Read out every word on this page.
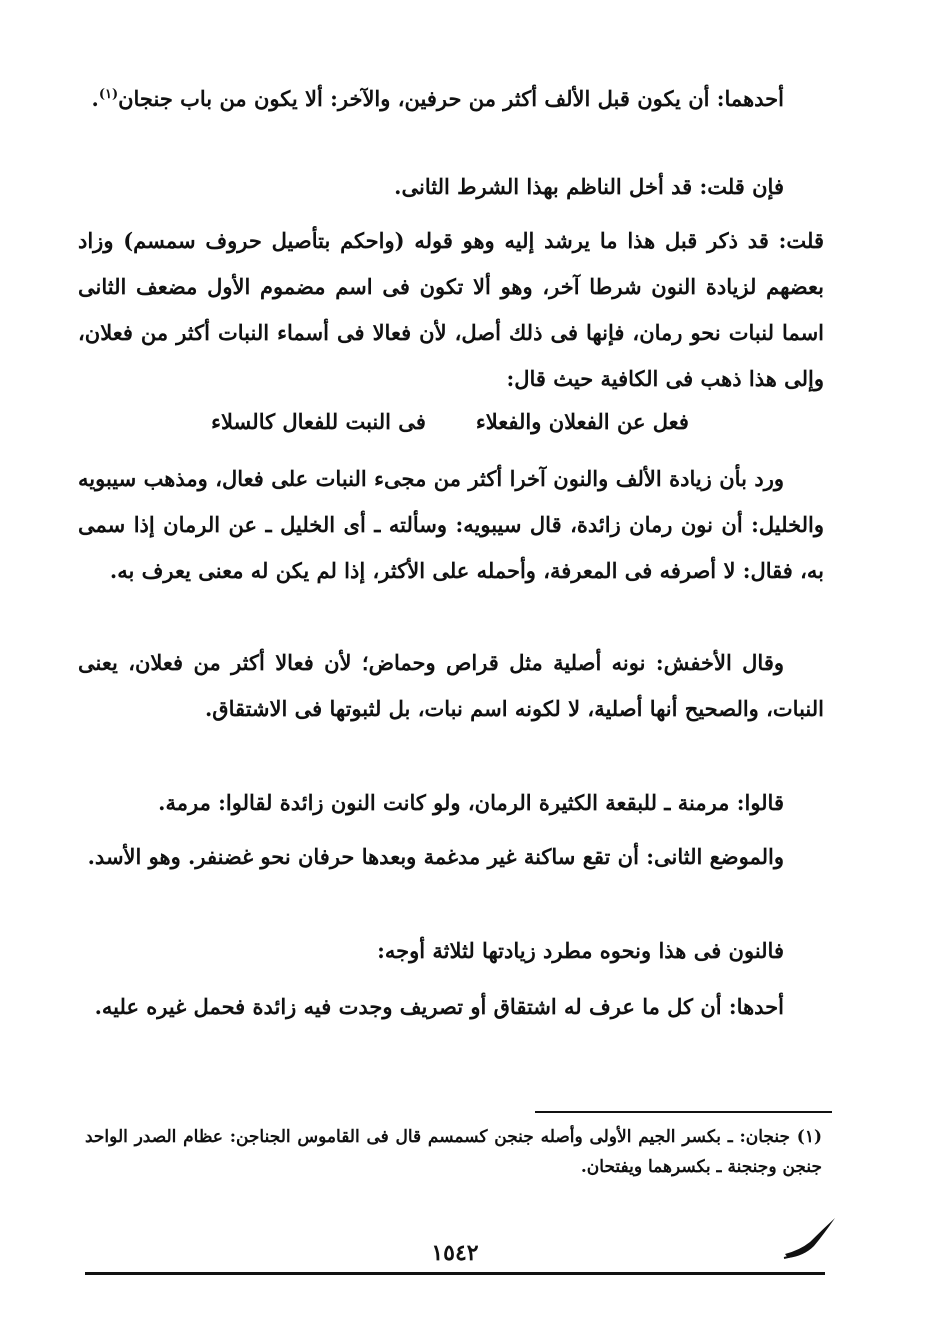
أحدهما: أن يكون قبل الألف أكثر من حرفين، والآخر: ألا يكون من باب جنجان$^{(١)}$.
فإن قلت: قد أخل الناظم بهذا الشرط الثانى.
قلت: قد ذكر قبل هذا ما يرشد إليه وهو قوله (واحكم بتأصيل حروف سمسم) وزاد بعضهم لزيادة النون شرطا آخر، وهو ألا تكون فى اسم مضموم الأول مضعف الثانى اسما لنبات نحو رمان، فإنها فى ذلك أصل، لأن فعالا فى أسماء النبات أكثر من فعلان، وإلى هذا ذهب فى الكافية حيث قال:
فعل عن الفعلان والفعلاء
فى النبت للفعال كالسلاء
ورد بأن زيادة الألف والنون آخرا أكثر من مجىء النبات على فعال، ومذهب سيبويه والخليل: أن نون رمان زائدة، قال سيبويه: وسألته ـ أى الخليل ـ عن الرمان إذا سمى به، فقال: لا أصرفه فى المعرفة، وأحمله على الأكثر، إذا لم يكن له معنى يعرف به.
وقال الأخفش: نونه أصلية مثل قراص وحماض؛ لأن فعالا أكثر من فعلان، يعنى النبات، والصحيح أنها أصلية، لا لكونه اسم نبات، بل لثبوتها فى الاشتقاق.
قالوا: مرمنة ـ للبقعة الكثيرة الرمان، ولو كانت النون زائدة لقالوا: مرمة.
والموضع الثانى: أن تقع ساكنة غير مدغمة وبعدها حرفان نحو غضنفر. وهو الأسد.
فالنون فى هذا ونحوه مطرد زيادتها لثلاثة أوجه:
أحدها: أن كل ما عرف له اشتقاق أو تصريف وجدت فيه زائدة فحمل غيره عليه.
(١) جنجان: ـ بكسر الجيم الأولى وأصله جنجن كسمسم قال فى القاموس الجناجن: عظام الصدر الواحد جنجن وجنجنة ـ بكسرهما ويفتحان.
١٥٤٢
